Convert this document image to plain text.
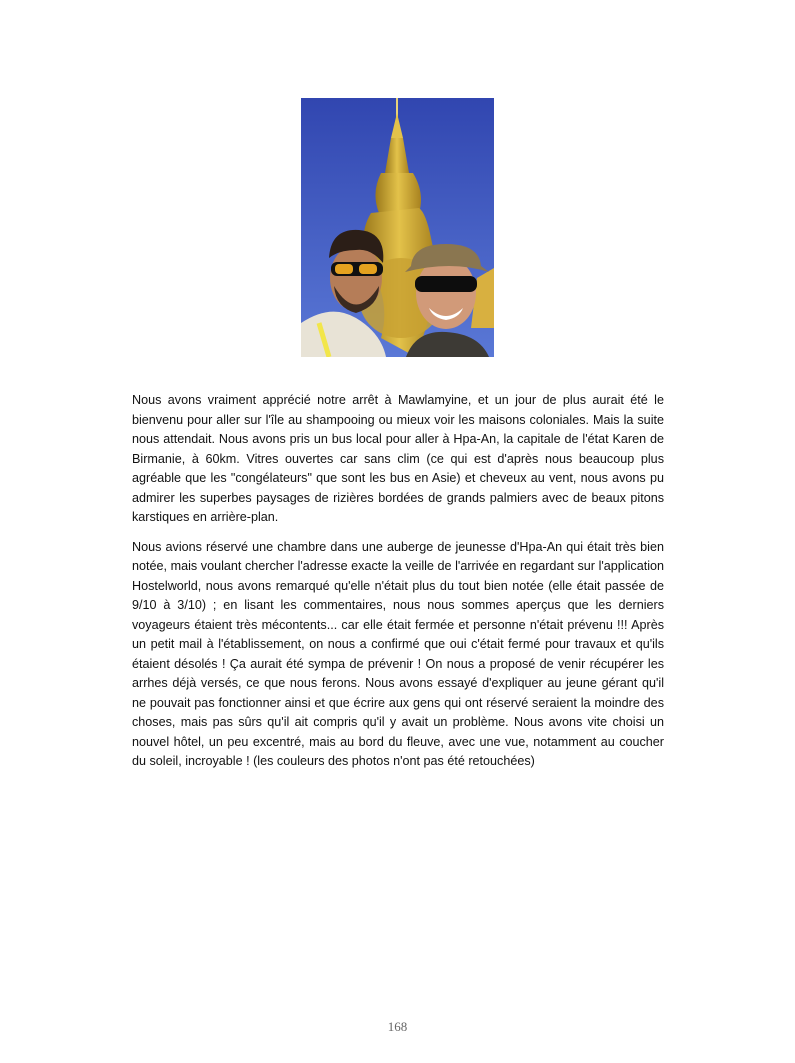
Nous avons vraiment apprécié notre arrêt à Mawlamyine, et un jour de plus aurait été le bienvenu pour aller sur l'île au shampooing ou mieux voir les maisons coloniales. Mais la suite nous attendait. Nous avons pris un bus local pour aller à Hpa-An, la capitale de l'état Karen de Birmanie, à 60km. Vitres ouvertes car sans clim (ce qui est d'après nous beaucoup plus agréable que les "congélateurs" que sont les bus en Asie) et cheveux au vent, nous avons pu admirer les superbes paysages de rizières bordées de grands palmiers avec de beaux pitons karstiques en arrière-plan.

Nous avions réservé une chambre dans une auberge de jeunesse d'Hpa-An qui était très bien notée, mais voulant chercher l'adresse exacte la veille de l'arrivée en regardant sur l'application Hostelworld, nous avons remarqué qu'elle n'était plus du tout bien notée (elle était passée de 9/10 à 3/10) ; en lisant les commentaires, nous nous sommes aperçus que les derniers voyageurs étaient très mécontents... car elle était fermée et personne n'était prévenu !!! Après un petit mail à l'établissement, on nous a confirmé que oui c'était fermé pour travaux et qu'ils étaient désolés ! Ça aurait été sympa de prévenir ! On nous a proposé de venir récupérer les arrhes déjà versés, ce que nous ferons. Nous avons essayé d'expliquer au jeune gérant qu'il ne pouvait pas fonctionner ainsi et que écrire aux gens qui ont réservé seraient la moindre des choses, mais pas sûrs qu'il ait compris qu'il y avait un problème. Nous avons vite choisi un nouvel hôtel, un peu excentré, mais au bord du fleuve, avec une vue, notamment au coucher du soleil, incroyable ! (les couleurs des photos n'ont pas été retouchées)

168
